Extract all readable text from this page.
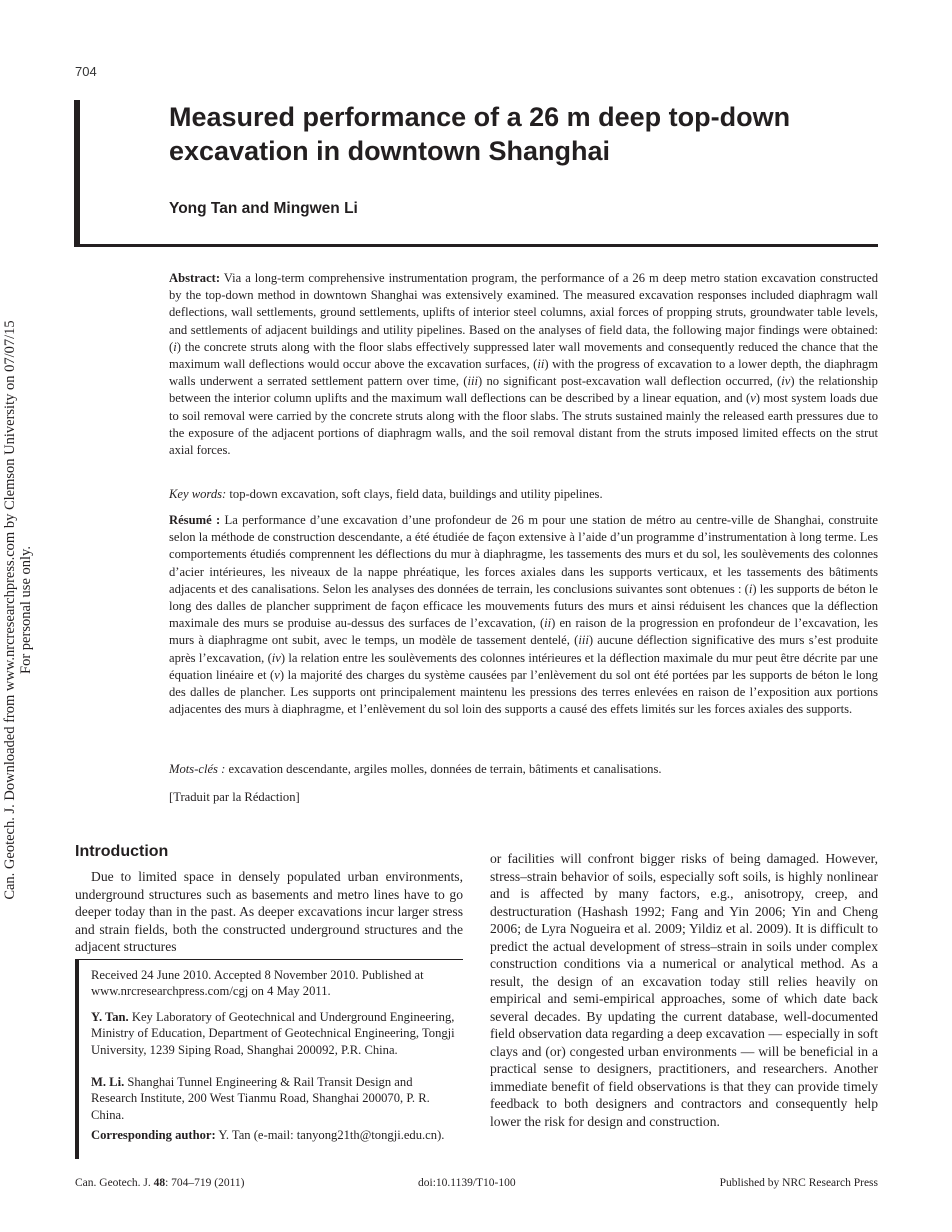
704
Measured performance of a 26 m deep top-down excavation in downtown Shanghai
Yong Tan and Mingwen Li
Can. Geotech. J. Downloaded from www.nrcresearchpress.com by Clemson University on 07/07/15 For personal use only.

Abstract: Via a long-term comprehensive instrumentation program, the performance of a 26 m deep metro station excavation constructed by the top-down method in downtown Shanghai was extensively examined. The measured excavation responses included diaphragm wall deflections, wall settlements, ground settlements, uplifts of interior steel columns, axial forces of propping struts, groundwater table levels, and settlements of adjacent buildings and utility pipelines. Based on the analyses of field data, the following major findings were obtained: (i) the concrete struts along with the floor slabs effectively suppressed later wall movements and consequently reduced the chance that the maximum wall deflections would occur above the excavation surfaces, (ii) with the progress of excavation to a lower depth, the diaphragm walls underwent a serrated settlement pattern over time, (iii) no significant post-excavation wall deflection occurred, (iv) the relationship between the interior column uplifts and the maximum wall deflections can be described by a linear equation, and (v) most system loads due to soil removal were carried by the concrete struts along with the floor slabs. The struts sustained mainly the released earth pressures due to the exposure of the adjacent portions of diaphragm walls, and the soil removal distant from the struts imposed limited effects on the strut axial forces.

Key words: top-down excavation, soft clays, field data, buildings and utility pipelines.

Résumé : La performance d’une excavation d’une profondeur de 26 m pour une station de métro au centre-ville de Shanghai, construite selon la méthode de construction descendante, a été étudiée de façon extensive à l’aide d’un programme d’instrumentation à long terme. Les comportements étudiés comprennent les déflections du mur à diaphragme, les tassements des murs et du sol, les soulèvements des colonnes d’acier intérieures, les niveaux de la nappe phréatique, les forces axiales dans les supports verticaux, et les tassements des bâtiments adjacents et des canalisations. Selon les analyses des données de terrain, les conclusions suivantes sont obtenues : (i) les supports de béton le long des dalles de plancher suppriment de façon efficace les mouvements futurs des murs et ainsi réduisent les chances que la déflection maximale des murs se produise au-dessus des surfaces de l’excavation, (ii) en raison de la progression en profondeur de l’excavation, les murs à diaphragme ont subit, avec le temps, un modèle de tassement dentelé, (iii) aucune déflection significative des murs s’est produite après l’excavation, (iv) la relation entre les soulèvements des colonnes intérieures et la déflection maximale du mur peut être décrite par une équation linéaire et (v) la majorité des charges du système causées par l’enlèvement du sol ont été portées par les supports de béton le long des dalles de plancher. Les supports ont principalement maintenu les pressions des terres enlevées en raison de l’exposition aux portions adjacentes des murs à diaphragme, et l’enlèvement du sol loin des supports a causé des effets limités sur les forces axiales des supports.

Mots-clés : excavation descendante, argiles molles, données de terrain, bâtiments et canalisations.

[Traduit par la Rédaction]

Introduction

Due to limited space in densely populated urban environments, underground structures such as basements and metro lines have to go deeper today than in the past. As deeper excavations incur larger stress and strain fields, both the constructed underground structures and the adjacent structures

or facilities will confront bigger risks of being damaged. However, stress–strain behavior of soils, especially soft soils, is highly nonlinear and is affected by many factors, e.g., anisotropy, creep, and destructuration (Hashash 1992; Fang and Yin 2006; Yin and Cheng 2006; de Lyra Nogueira et al. 2009; Yildiz et al. 2009). It is difficult to predict the actual development of stress–strain in soils under complex construction conditions via a numerical or analytical method. As a result, the design of an excavation today still relies heavily on empirical and semi-empirical approaches, some of which date back several decades. By updating the current database, well-documented field observation data regarding a deep excavation — especially in soft clays and (or) congested urban environments — will be beneficial in a practical sense to designers, practitioners, and researchers. Another immediate benefit of field observations is that they can provide timely feedback to both designers and contractors and consequently help lower the risk for design and construction.

Received 24 June 2010. Accepted 8 November 2010. Published at www.nrcresearchpress.com/cgj on 4 May 2011.

Y. Tan. Key Laboratory of Geotechnical and Underground Engineering, Ministry of Education, Department of Geotechnical Engineering, Tongji University, 1239 Siping Road, Shanghai 200092, P.R. China.

M. Li. Shanghai Tunnel Engineering & Rail Transit Design and Research Institute, 200 West Tianmu Road, Shanghai 200070, P. R. China.

Corresponding author: Y. Tan (e-mail: tanyong21th@tongji.edu.cn).

Can. Geotech. J. 48: 704–719 (2011)	doi:10.1139/T10-100	Published by NRC Research Press
